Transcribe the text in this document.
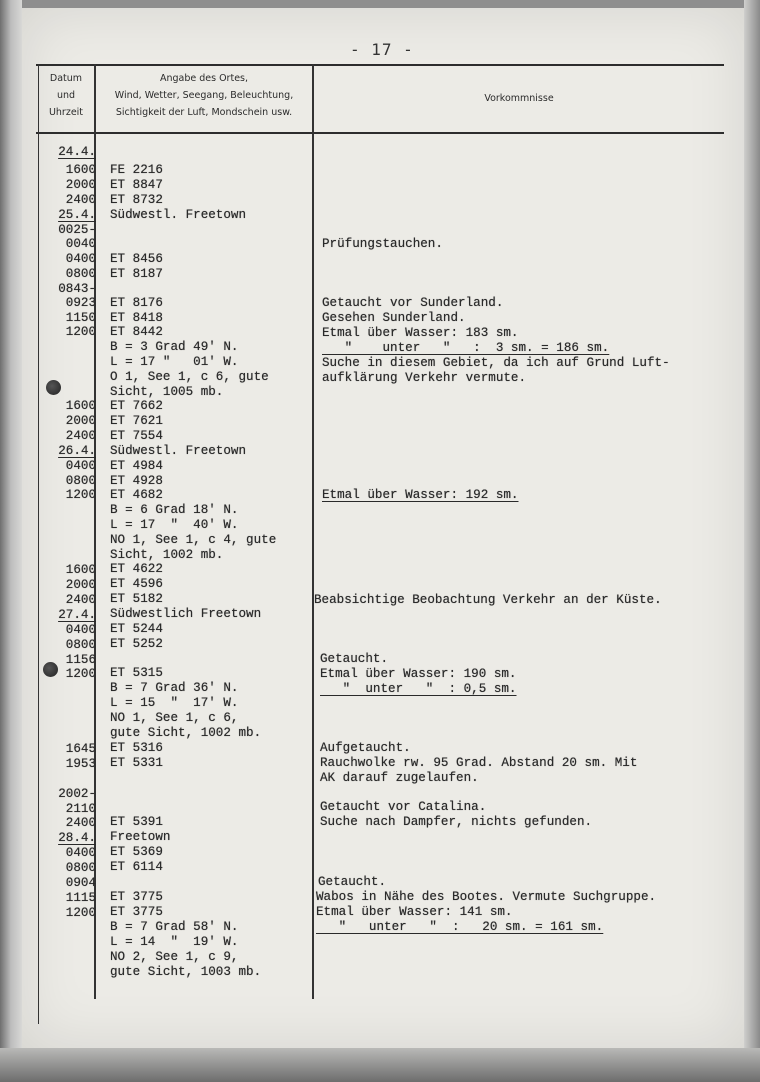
- 17 -
Datum
und
Uhrzeit
Angabe des Ortes,
Wind, Wetter, Seegang, Beleuchtung,
Sichtigkeit der Luft, Mondschein usw.
Vorkommnisse
24.4.
1600
2000
2400
25.4.
0025-
0040
0400
0800
0843-
0923
1150
1200
1600
2000
2400
26.4.
0400
0800
1200
1600
2000
2400
27.4.
0400
0800
1156
1200
1645
1953
2002-
2110
2400
28.4.
0400
0800
0904
1115
1200
FE 2216
ET 8847
ET 8732
Südwestl. Freetown
ET 8456
ET 8187
ET 8176
ET 8418
ET 8442
B = 3 Grad 49' N.
L = 17 "   01' W.
O 1, See 1, c 6, gute
Sicht, 1005 mb.
ET 7662
ET 7621
ET 7554
Südwestl. Freetown
ET 4984
ET 4928
ET 4682
B = 6 Grad 18' N.
L = 17  "  40' W.
NO 1, See 1, c 4, gute
Sicht, 1002 mb.
ET 4622
ET 4596
ET 5182
Südwestlich Freetown
ET 5244
ET 5252
ET 5315
B = 7 Grad 36' N.
L = 15  "  17' W.
NO 1, See 1, c 6,
gute Sicht, 1002 mb.
ET 5316
ET 5331
ET 5391
Freetown
ET 5369
ET 6114
ET 3775
ET 3775
B = 7 Grad 58' N.
L = 14  "  19' W.
NO 2, See 1, c 9,
gute Sicht, 1003 mb.
Prüfungstauchen.
Getaucht vor Sunderland.
Gesehen Sunderland.
Etmal über Wasser: 183 sm.
"    unter   "   :  3 sm. = 186 sm.
Suche in diesem Gebiet, da ich auf Grund Luft-
aufklärung Verkehr vermute.
Etmal über Wasser: 192 sm.
Beabsichtige Beobachtung Verkehr an der Küste.
Getaucht.
Etmal über Wasser: 190 sm.
"  unter   "  : 0,5 sm.
Aufgetaucht.
Rauchwolke rw. 95 Grad. Abstand 20 sm. Mit
AK darauf zugelaufen.
Getaucht vor Catalina.
Suche nach Dampfer, nichts gefunden.
Getaucht.
Wabos in Nähe des Bootes. Vermute Suchgruppe.
Etmal über Wasser: 141 sm.
"   unter   "  :   20 sm. = 161 sm.
